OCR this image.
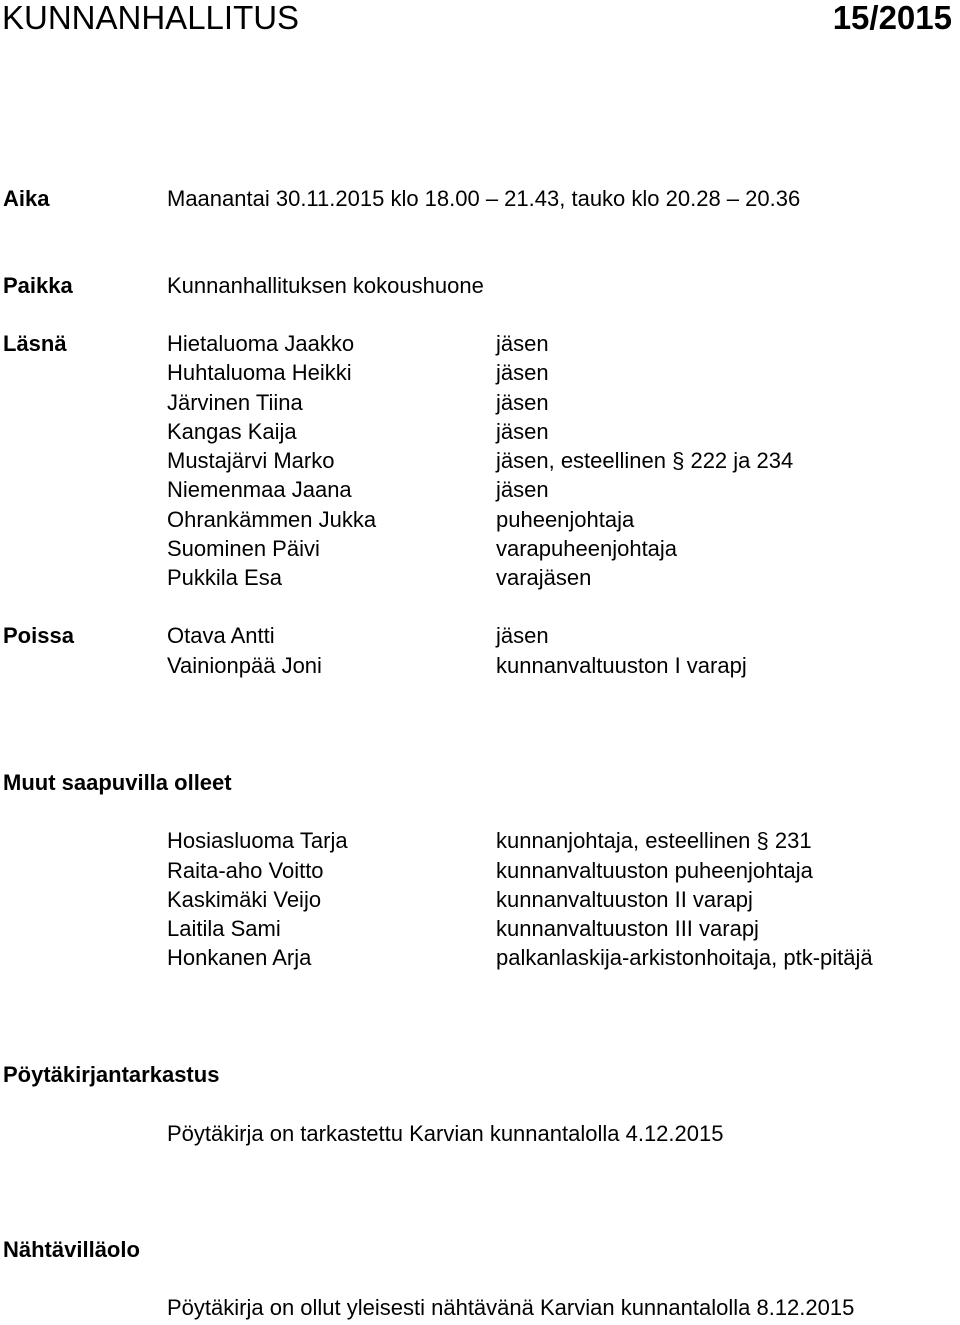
KUNNANHALLITUS	15/2015
Aika	Maanantai 30.11.2015 klo 18.00 – 21.43, tauko klo 20.28 – 20.36
Paikka	Kunnanhallituksen kokoushuone
Läsnä	Hietaluoma Jaakko	jäsen
Huhtaluoma Heikki	jäsen
Järvinen Tiina	jäsen
Kangas Kaija	jäsen
Mustajärvi Marko	jäsen, esteellinen § 222 ja 234
Niemenmaa Jaana	jäsen
Ohrankämmen Jukka	puheenjohtaja
Suominen Päivi	varapuheenjohtaja
Pukkila Esa	varajäsen
Poissa	Otava Antti	jäsen
Vainionpää Joni	kunnanvaltuuston I varapj
Muut saapuvilla olleet
Hosiasluoma Tarja	kunnanjohtaja, esteellinen § 231
Raita-aho Voitto	kunnanvaltuuston puheenjohtaja
Kaskimäki Veijo	kunnanvaltuuston II varapj
Laitila Sami	kunnanvaltuuston III varapj
Honkanen Arja	palkanlaskija-arkistonhoitaja, ptk-pitäjä
Pöytäkirjantarkastus
Pöytäkirja on tarkastettu Karvian kunnantalolla 4.12.2015
Nähtävilläolo
Pöytäkirja on ollut yleisesti nähtävänä Karvian kunnantalolla 8.12.2015
